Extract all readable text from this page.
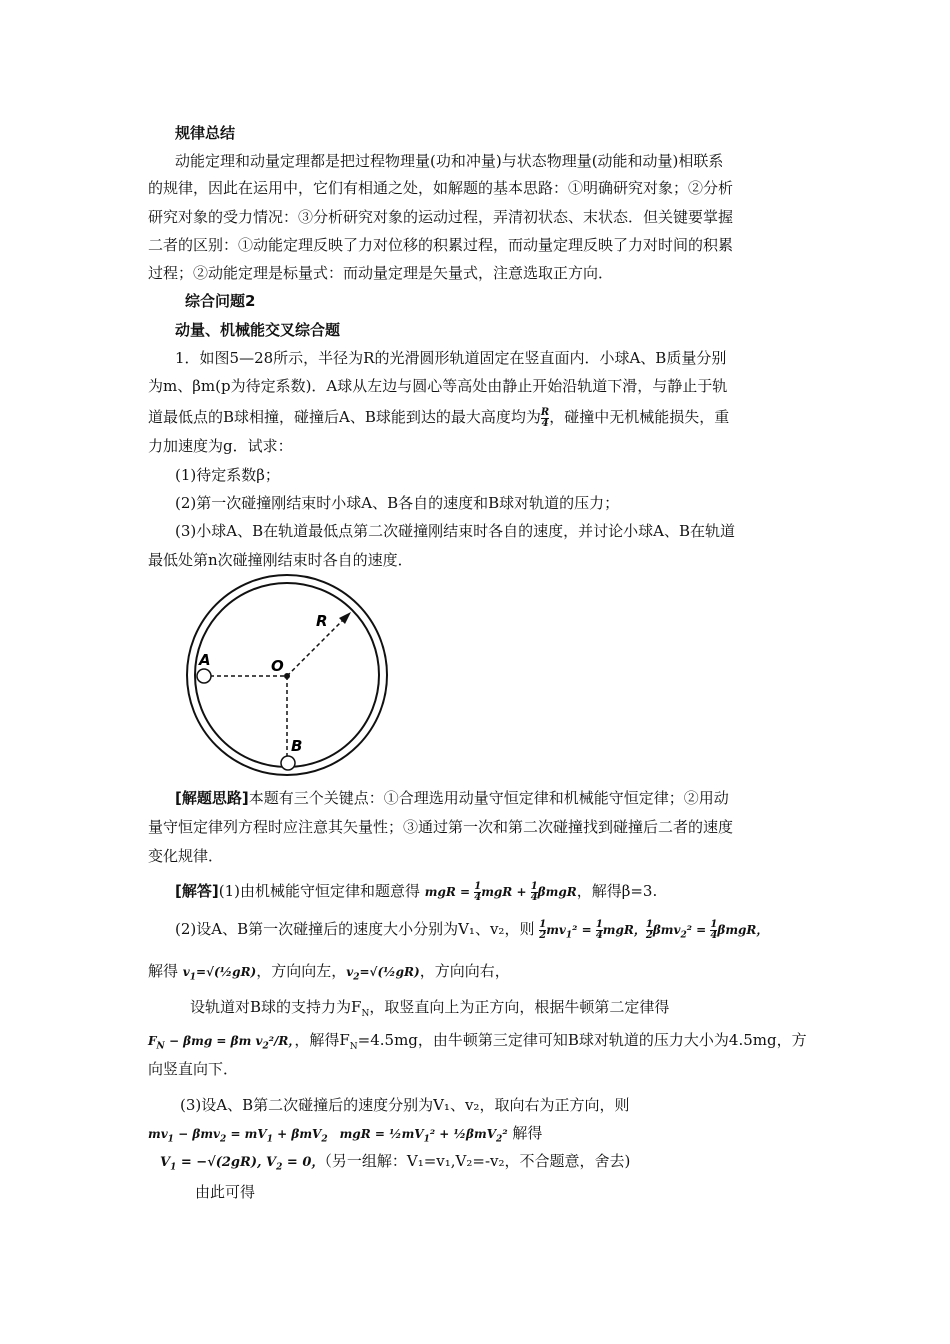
规律总结
动能定理和动量定理都是把过程物理量(功和冲量)与状态物理量(动能和动量)相联系
的规律，因此在运用中，它们有相通之处，如解题的基本思路：①明确研究对象；②分析
研究对象的受力情况：③分析研究对象的运动过程，弄清初状态、末状态．但关键要掌握
二者的区别：①动能定理反映了力对位移的积累过程，而动量定理反映了力对时间的积累
过程；②动能定理是标量式：而动量定理是矢量式，注意选取正方向．
综合问题2
动量、机械能交叉综合题
1．如图5—28所示，半径为R的光滑圆形轨道固定在竖直面内．小球A、B质量分别
为m、βm(p为待定系数)．A球从左边与圆心等高处由静止开始沿轨道下滑，与静止于轨
道最低点的B球相撞，碰撞后A、B球能到达的最大高度均为 $\frac{R}{4}$ ，碰撞中无机械能损失，重
力加速度为g．试求：
(1)待定系数β；
(2)第一次碰撞刚结束时小球A、B各自的速度和B球对轨道的压力；
(3)小球A、B在轨道最低点第二次碰撞刚结束时各自的速度，并讨论小球A、B在轨道
最低处第n次碰撞刚结束时各自的速度．
A	O
R
B
[解题思路]本题有三个关键点：①合理选用动量守恒定律和机械能守恒定律；②用动
量守恒定律列方程时应注意其矢量性；③通过第一次和第二次碰撞找到碰撞后二者的速度
变化规律．
[解答](1)由机械能守恒定律和题意得 mgR = $\frac{1}{4}$ mgR + $\frac{1}{4}$ βmgR，解得β=3.
(2)设A、B第一次碰撞后的速度大小分别为V₁、v₂，则 $\frac{1}{2} mv_1^2 = \frac{1}{4}$ mgR， $\frac{1}{2} \beta mv_2^2 = \frac{1}{4}$ βmgR，
解得 $v_1=√(\frac{1}{2}gR)$，方向向左，$v_2=√(\frac{1}{2}gR)$，方向向右，
设轨道对B球的支持力为$F_N$，取竖直向上为正方向，根据牛顿第二定律得
$F_N - \beta mg = \beta m$ $v_2^2/R$，，解得$F_N=4.5mg$，由牛顿第三定律可知B球对轨道的压力大小为4.5mg，方
向竖直向下．
(3)设A、B第二次碰撞后的速度分别为V₁、v₂，取向右为正方向，则
$mv_1 - \beta mv_2 = mV_1 + \beta mV_2$　mgR = $\frac{1}{2}mV_1^2$ + ½βmV$_2$² 解得
$V_1 = -√(2gR)$, $V_2 = 0$，（另一组解：V₁=v₁,V₂=-v₂，不合题意，舍去)
由此可得
